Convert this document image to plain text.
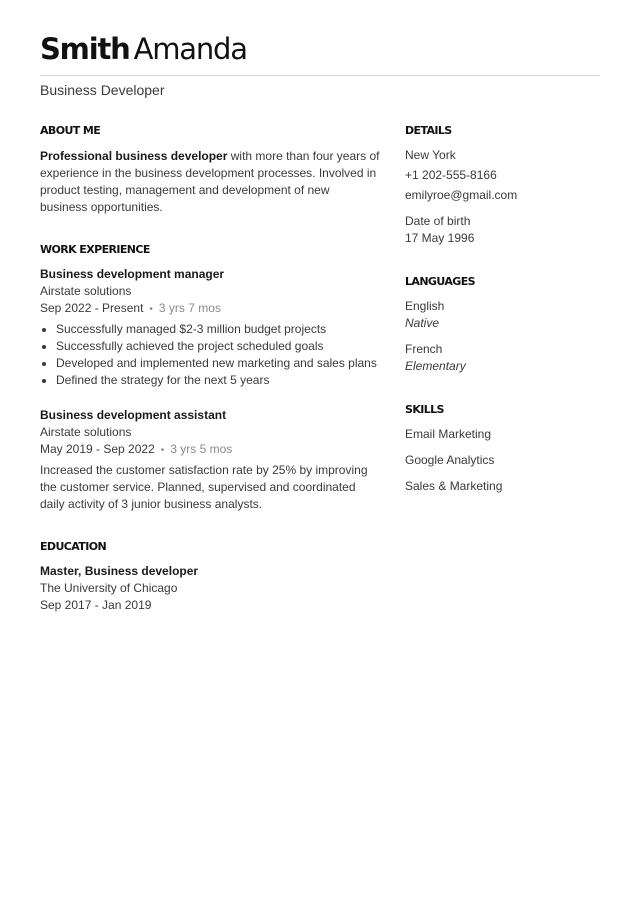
Smith Amanda
Business Developer
ABOUT ME
Professional business developer with more than four years of experience in the business development processes. Involved in product testing, management and development of new business opportunities.
WORK EXPERIENCE
Business development manager
Airstate solutions
Sep 2022 - Present • 3 yrs 7 mos
• Successfully managed $2-3 million budget projects
• Successfully achieved the project scheduled goals
• Developed and implemented new marketing and sales plans
• Defined the strategy for the next 5 years
Business development assistant
Airstate solutions
May 2019 - Sep 2022 • 3 yrs 5 mos
Increased the customer satisfaction rate by 25% by improving the customer service. Planned, supervised and coordinated daily activity of 3 junior business analysts.
EDUCATION
Master, Business developer
The University of Chicago
Sep 2017 - Jan 2019
DETAILS
New York
+1 202-555-8166
emilyroe@gmail.com
Date of birth
17 May 1996
LANGUAGES
English
Native
French
Elementary
SKILLS
Email Marketing
Google Analytics
Sales & Marketing
